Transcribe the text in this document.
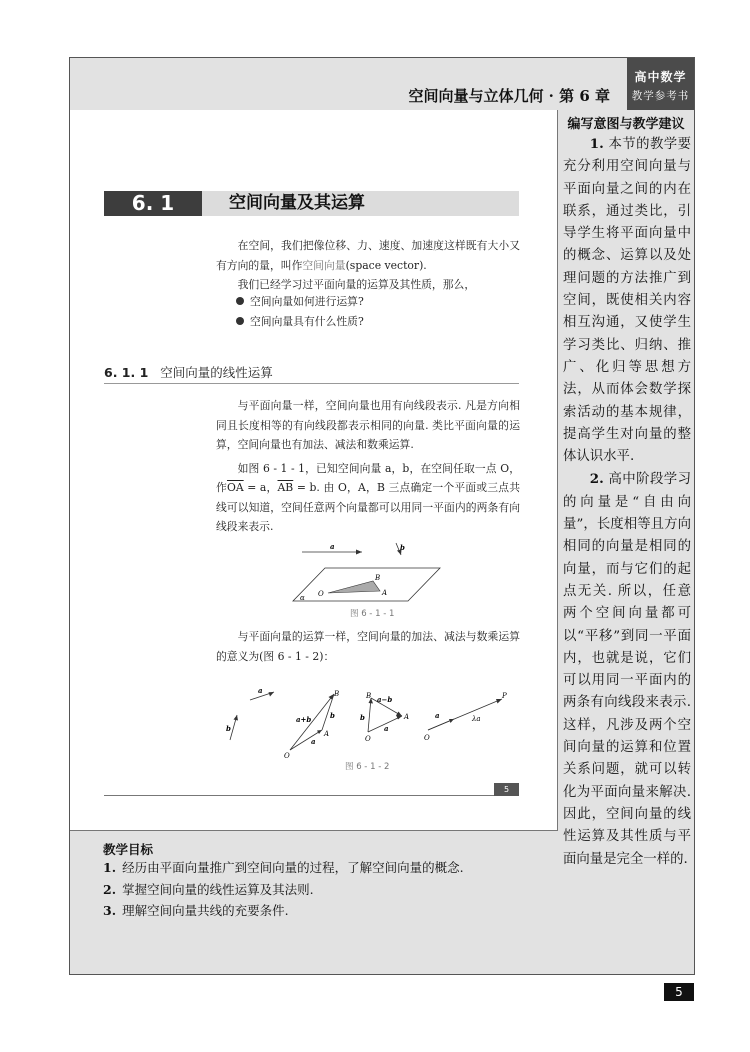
空间向量与立体几何 · 第 6 章
高中数学
教学参考书
编写意图与教学建议

1. 本节的教学要充分利用空间向量与平面向量之间的内在联系，通过类比，引导学生将平面向量中的概念、运算以及处理问题的方法推广到空间，既使相关内容相互沟通，又使学生学习类比、归纳、推广、化归等思想方法，从而体会数学探索活动的基本规律，提高学生对向量的整体认识水平.

2. 高中阶段学习的向量是“自由向量”，长度相等且方向相同的向量是相同的向量，而与它们的起点无关. 所以，任意两个空间向量都可以“平移”到同一平面内，也就是说，它们可以用同一平面内的两条有向线段来表示. 这样，凡涉及两个空间向量的运算和位置关系问题，就可以转化为平面向量来解决. 因此，空间向量的线性运算及其性质与平面向量是完全一样的.

6. 1	空间向量及其运算

在空间，我们把像位移、力、速度、加速度这样既有大小又有方向的量，叫作空间向量(space vector).

我们已经学习过平面向量的运算及其性质，那么，

空间向量如何进行运算?
空间向量具有什么性质?
6. 1. 1 空间向量的线性运算

与平面向量一样，空间向量也用有向线段表示. 凡是方向相同且长度相等的有向线段都表示相同的向量. 类比平面向量的运算，空间向量也有加法、减法和数乘运算.

如图 6 - 1 - 1，已知空间向量 a，b，在空间任取一点 O，作$\overline{OA} = a$，$\overline{AB} = b$. 由 O，A，B 三点确定一个平面或三点共线可以知道，空间任意两个向量都可以用同一平面内的两条有向线段来表示.

a	b
B
A
O
α
图 6 - 1 - 1

与平面向量的运算一样，空间向量的加法、减法与数乘运算的意义为(图 6 - 1 - 2)：

a
b
a+b
B
b
A
a
O
B a−b
b	A
a
O
P
λa
a
O
图 6 - 1 - 2
5
教学目标
1. 经历由平面向量推广到空间向量的过程，了解空间向量的概念.
2. 掌握空间向量的线性运算及其法则.
3. 理解空间向量共线的充要条件.
5
